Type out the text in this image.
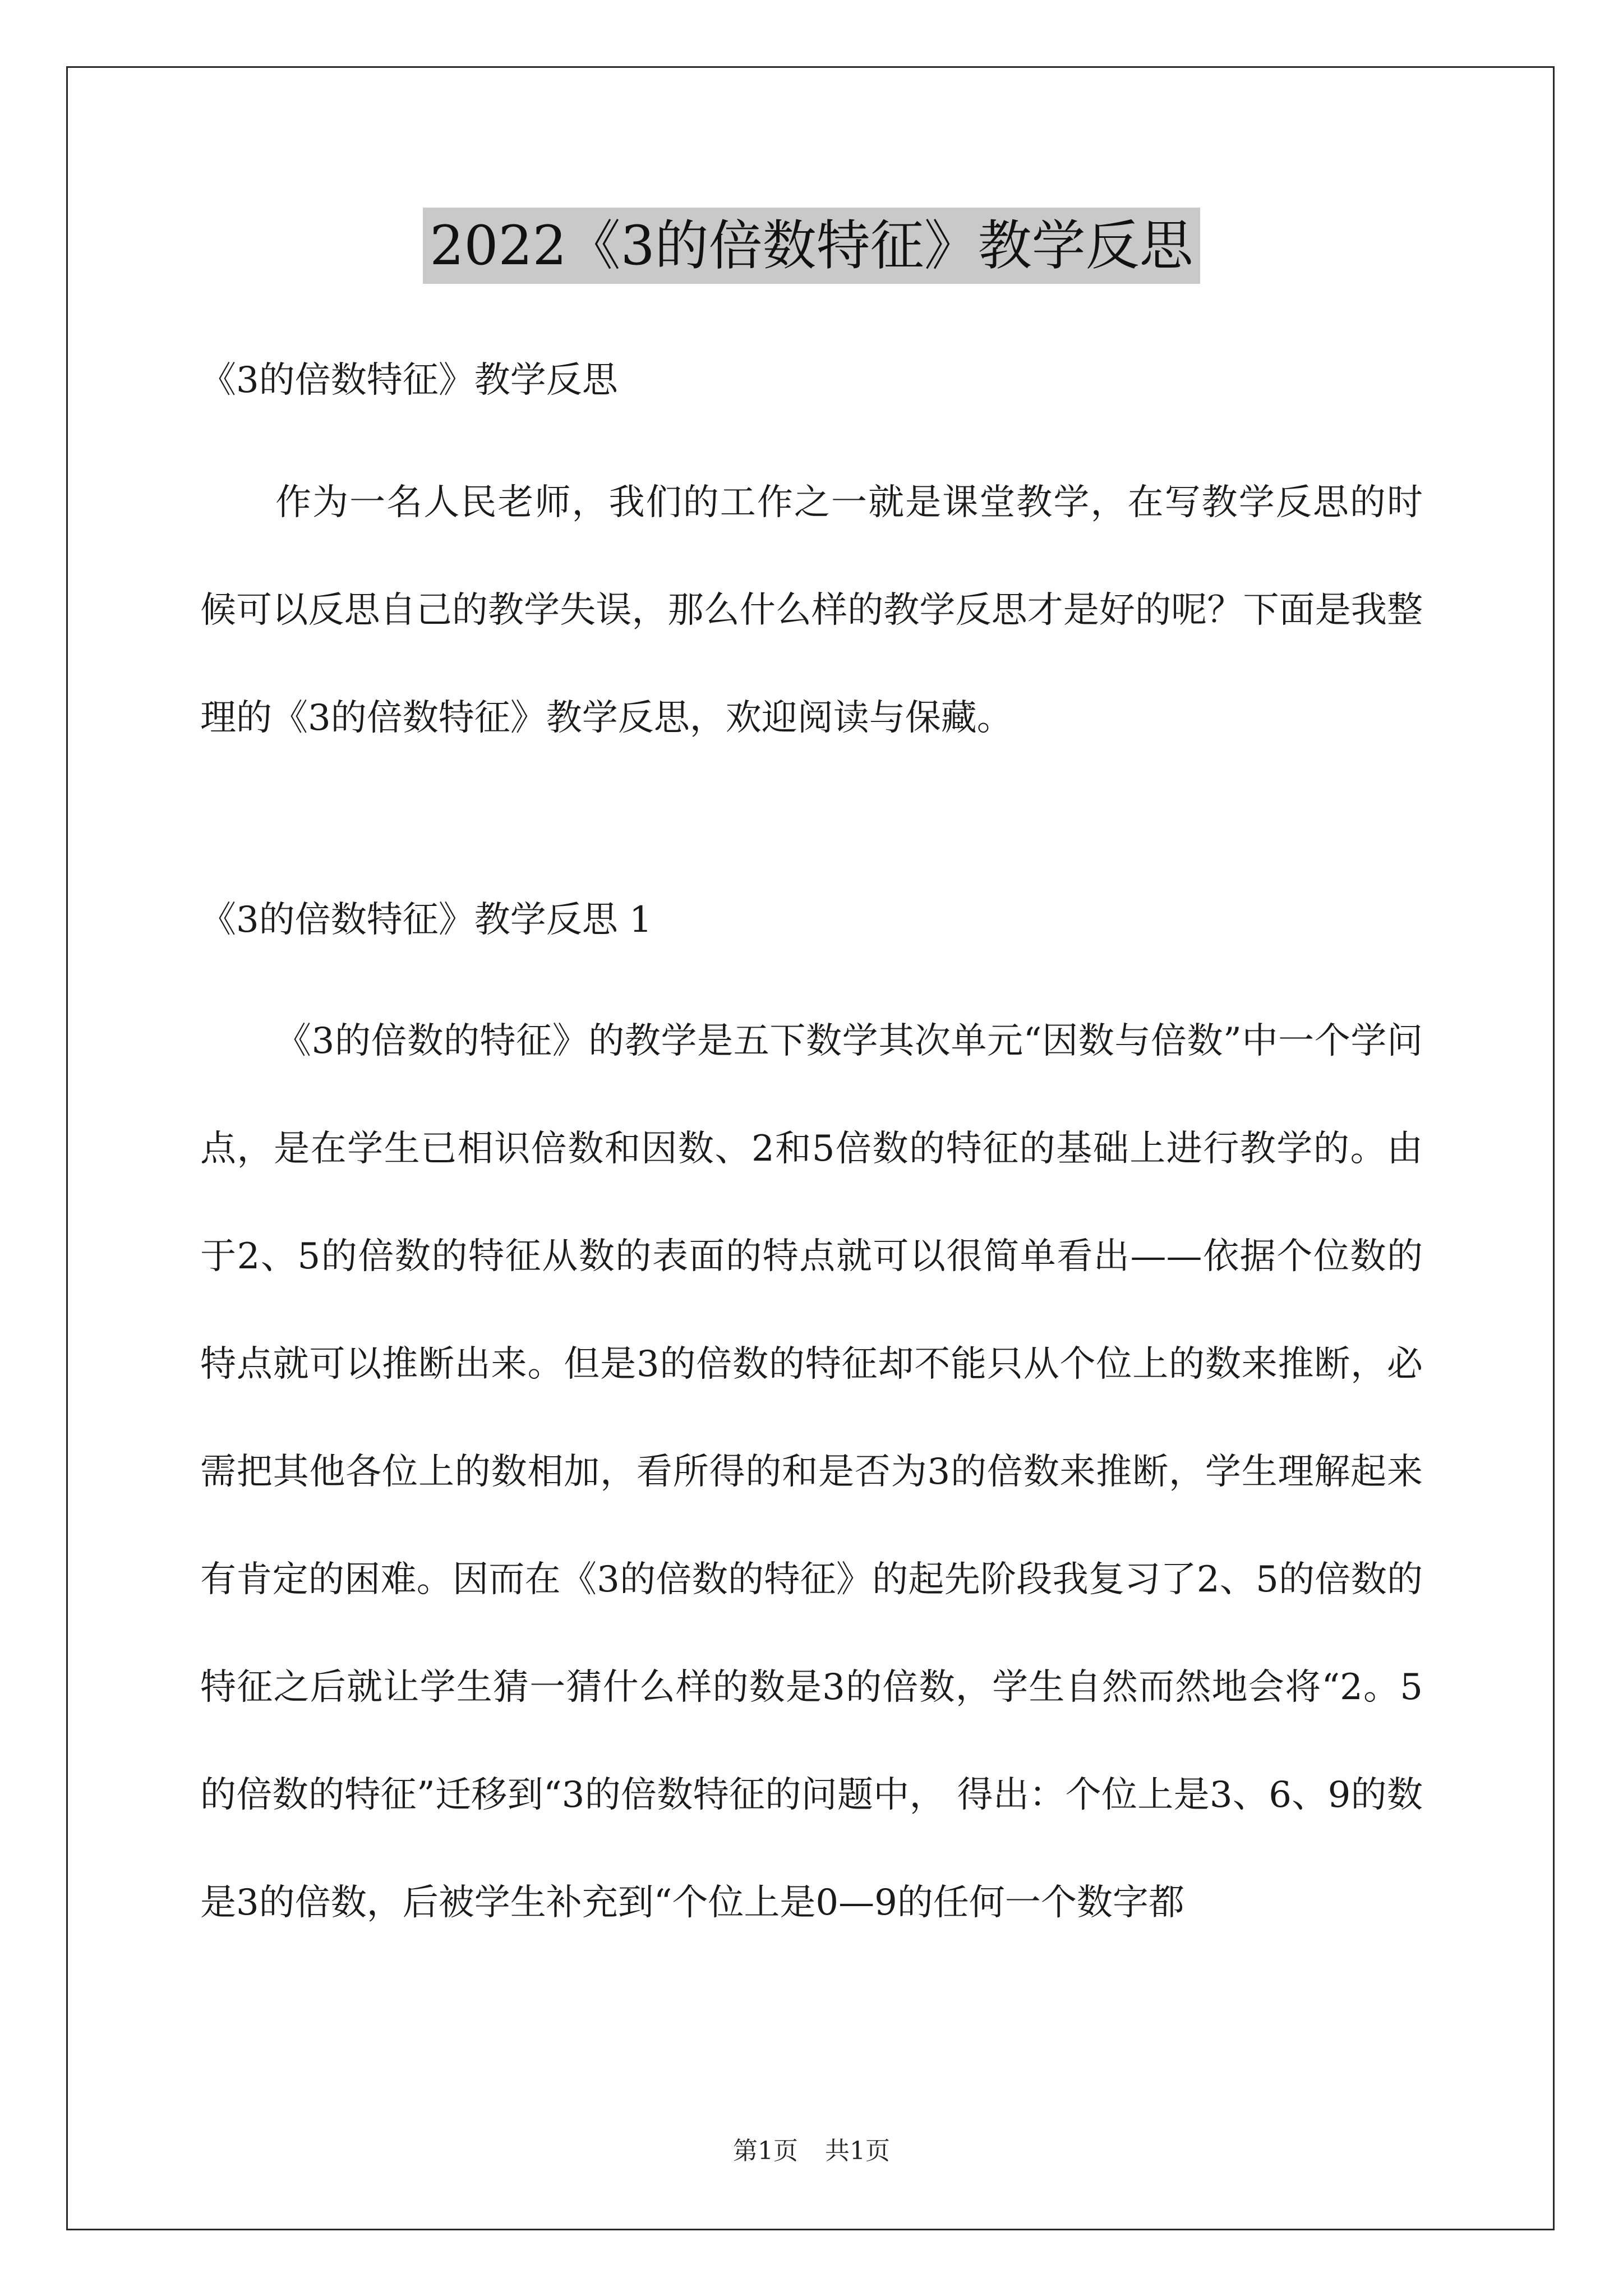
2022《3的倍数特征》教学反思
《3的倍数特征》教学反思
作为一名人民老师，我们的工作之一就是课堂教学，在写教学反思的时候可以反思自己的教学失误，那么什么样的教学反思才是好的呢？下面是我整理的《3的倍数特征》教学反思，欢迎阅读与保藏。
《3的倍数特征》教学反思 1
《3的倍数的特征》的教学是五下数学其次单元“因数与倍数”中一个学问点，是在学生已相识倍数和因数、2和5倍数的特征的基础上进行教学的。由于2、5的倍数的特征从数的表面的特点就可以很简单看出——依据个位数的特点就可以推断出来。但是3的倍数的特征却不能只从个位上的数来推断，必需把其他各位上的数相加，看所得的和是否为3的倍数来推断，学生理解起来有肯定的困难。因而在《3的倍数的特征》的起先阶段我复习了2、5的倍数的特征之后就让学生猜一猜什么样的数是3的倍数，学生自然而然地会将“2。5的倍数的特征”迁移到“3的倍数特征的问题中， 得出：个位上是3、6、9的数是3的倍数，后被学生补充到“个位上是0—9的任何一个数字都
第1页 共1页
